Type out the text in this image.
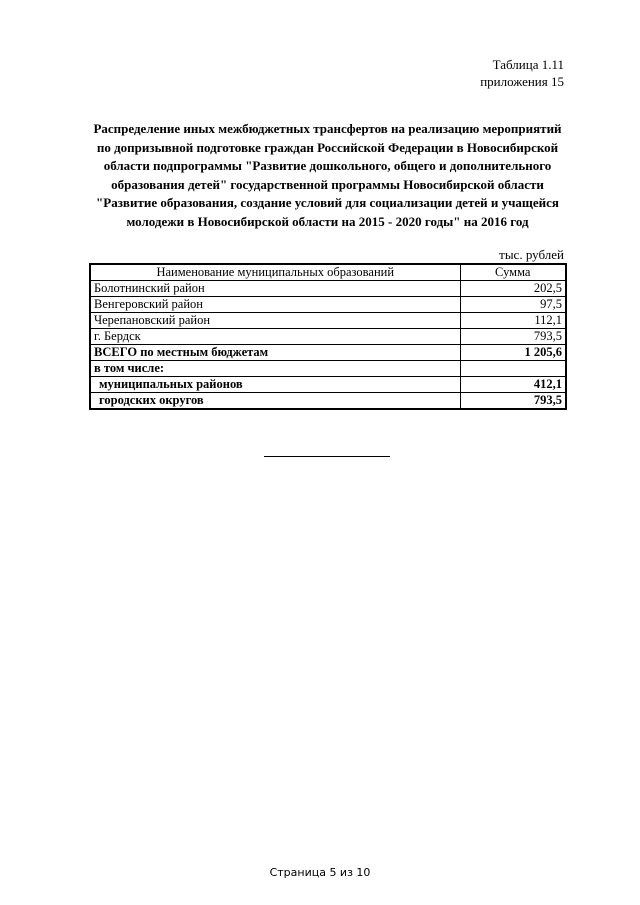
Таблица 1.11
приложения 15
Распределение иных межбюджетных трансфертов на реализацию мероприятий по допризывной подготовке граждан Российской Федерации в Новосибирской области подпрограммы "Развитие дошкольного, общего и дополнительного образования детей" государственной программы Новосибирской области "Развитие образования, создание условий для социализации детей и учащейся молодежи в Новосибирской области на 2015 - 2020 годы" на 2016 год
тыс. рублей
Наименование муниципальных образований	Сумма
Болотнинский район	202,5
Венгеровский район	97,5
Черепановский район	112,1
г. Бердск	793,5
ВСЕГО по местным бюджетам	1 205,6
в том числе:	
муниципальных районов	412,1
городских округов	793,5
Страница 5 из 10
